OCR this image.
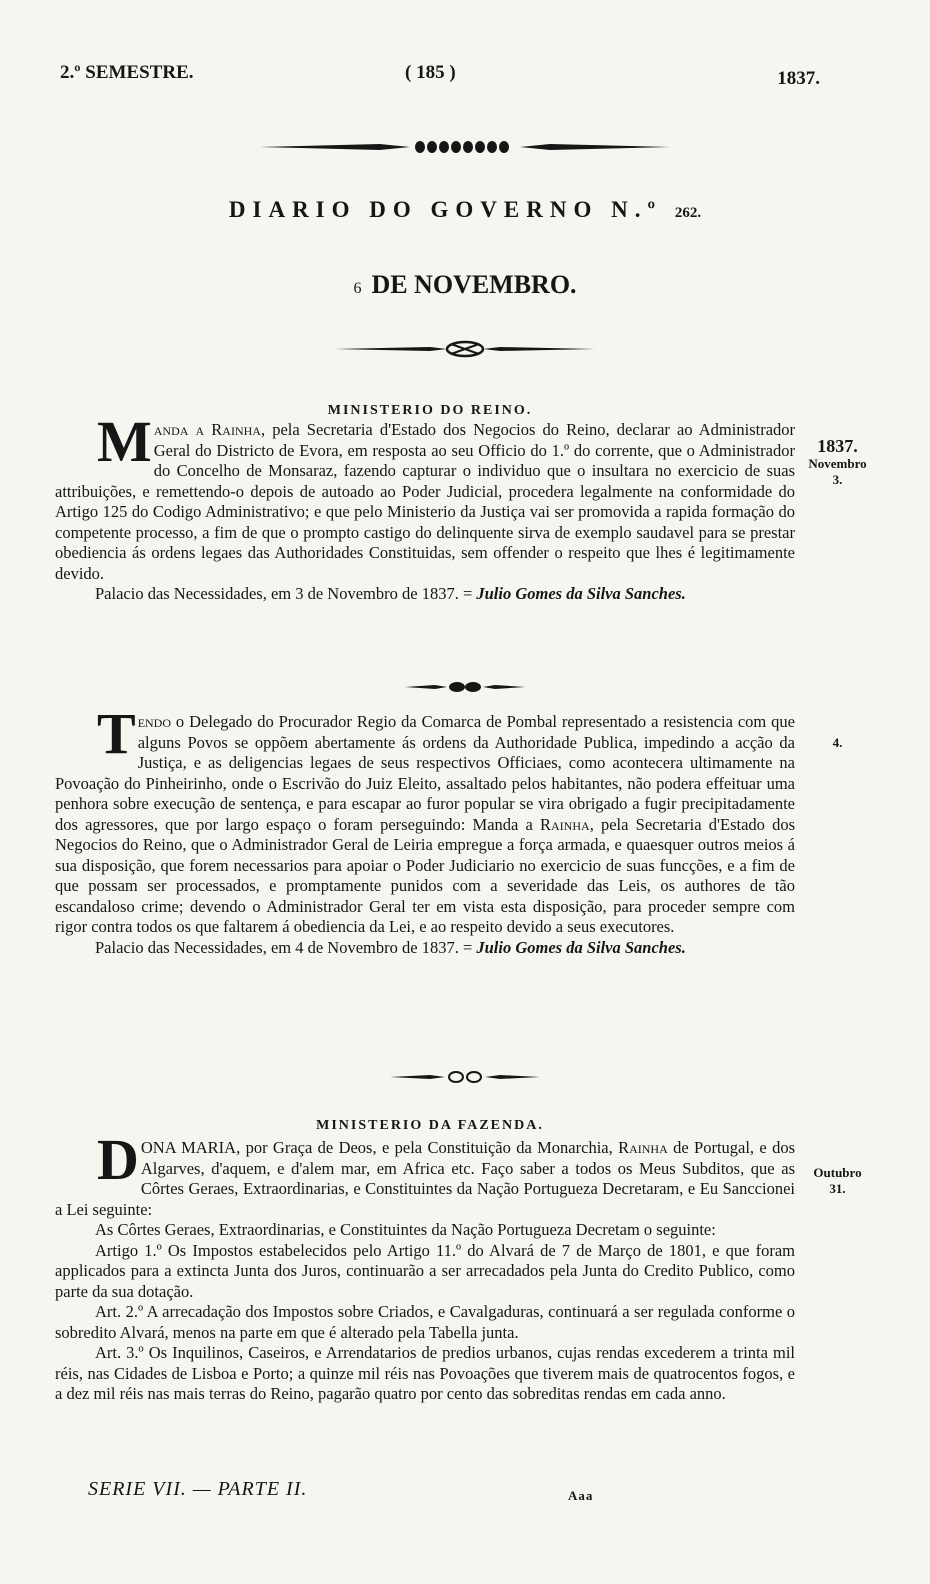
2.º SEMESTRE.	( 185 )	1837.
DIARIO DO GOVERNO N.º 262.
6 DE NOVEMBRO.
MINISTERIO DO REINO.
1837.
Novembro
3.

Manda a Rainha, pela Secretaria d'Estado dos Negocios do Reino, declarar ao Administrador Geral do Districto de Evora, em resposta ao seu Officio do 1.º do corrente, que o Administrador do Concelho de Monsaraz, fazendo capturar o individuo que o insultara no exercicio de suas attribuições, e remettendo-o depois de autoado ao Poder Judicial, procedera legalmente na conformidade do Artigo 125 do Codigo Administrativo; e que pelo Ministerio da Justiça vai ser promovida a rapida formação do competente processo, a fim de que o prompto castigo do delinquente sirva de exemplo saudavel para se prestar obediencia ás ordens legaes das Authoridades Constituidas, sem offender o respeito que lhes é legitimamente devido.

Palacio das Necessidades, em 3 de Novembro de 1837. = Julio Gomes da Silva Sanches.

4.

Tendo o Delegado do Procurador Regio da Comarca de Pombal representado a resistencia com que alguns Povos se oppõem abertamente ás ordens da Authoridade Publica, impedindo a acção da Justiça, e as deligencias legaes de seus respectivos Officiaes, como acontecera ultimamente na Povoação do Pinheirinho, onde o Escrivão do Juiz Eleito, assaltado pelos habitantes, não podera effeituar uma penhora sobre execução de sentença, e para escapar ao furor popular se vira obrigado a fugir precipitadamente dos agressores, que por largo espaço o foram perseguindo: Manda a Rainha, pela Secretaria d'Estado dos Negocios do Reino, que o Administrador Geral de Leiria empregue a força armada, e quaesquer outros meios á sua disposição, que forem necessarios para apoiar o Poder Judiciario no exercicio de suas funcções, e a fim de que possam ser processados, e promptamente punidos com a severidade das Leis, os authores de tão escandaloso crime; devendo o Administrador Geral ter em vista esta disposição, para proceder sempre com rigor contra todos os que faltarem á obediencia da Lei, e ao respeito devido a seus executores.

Palacio das Necessidades, em 4 de Novembro de 1837. = Julio Gomes da Silva Sanches.

MINISTERIO DA FAZENDA.
Outubro
31.

DONA MARIA, por Graça de Deos, e pela Constituição da Monarchia, Rainha de Portugal, e dos Algarves, d'aquem, e d'alem mar, em Africa etc. Faço saber a todos os Meus Subditos, que as Côrtes Geraes, Extraordinarias, e Constituintes da Nação Portugueza Decretaram, e Eu Sanccionei a Lei seguinte:

As Côrtes Geraes, Extraordinarias, e Constituintes da Nação Portugueza Decretam o seguinte:

Artigo 1.º Os Impostos estabelecidos pelo Artigo 11.º do Alvará de 7 de Março de 1801, e que foram applicados para a extincta Junta dos Juros, continuarão a ser arrecadados pela Junta do Credito Publico, como parte da sua dotação.

Art. 2.º A arrecadação dos Impostos sobre Criados, e Cavalgaduras, continuará a ser regulada conforme o sobredito Alvará, menos na parte em que é alterado pela Tabella junta.

Art. 3.º Os Inquilinos, Caseiros, e Arrendatarios de predios urbanos, cujas rendas excederem a trinta mil réis, nas Cidades de Lisboa e Porto; a quinze mil réis nas Povoações que tiverem mais de quatrocentos fogos, e a dez mil réis nas mais terras do Reino, pagarão quatro por cento das sobreditas rendas em cada anno.

SERIE VII. — PARTE II.	Aaa
